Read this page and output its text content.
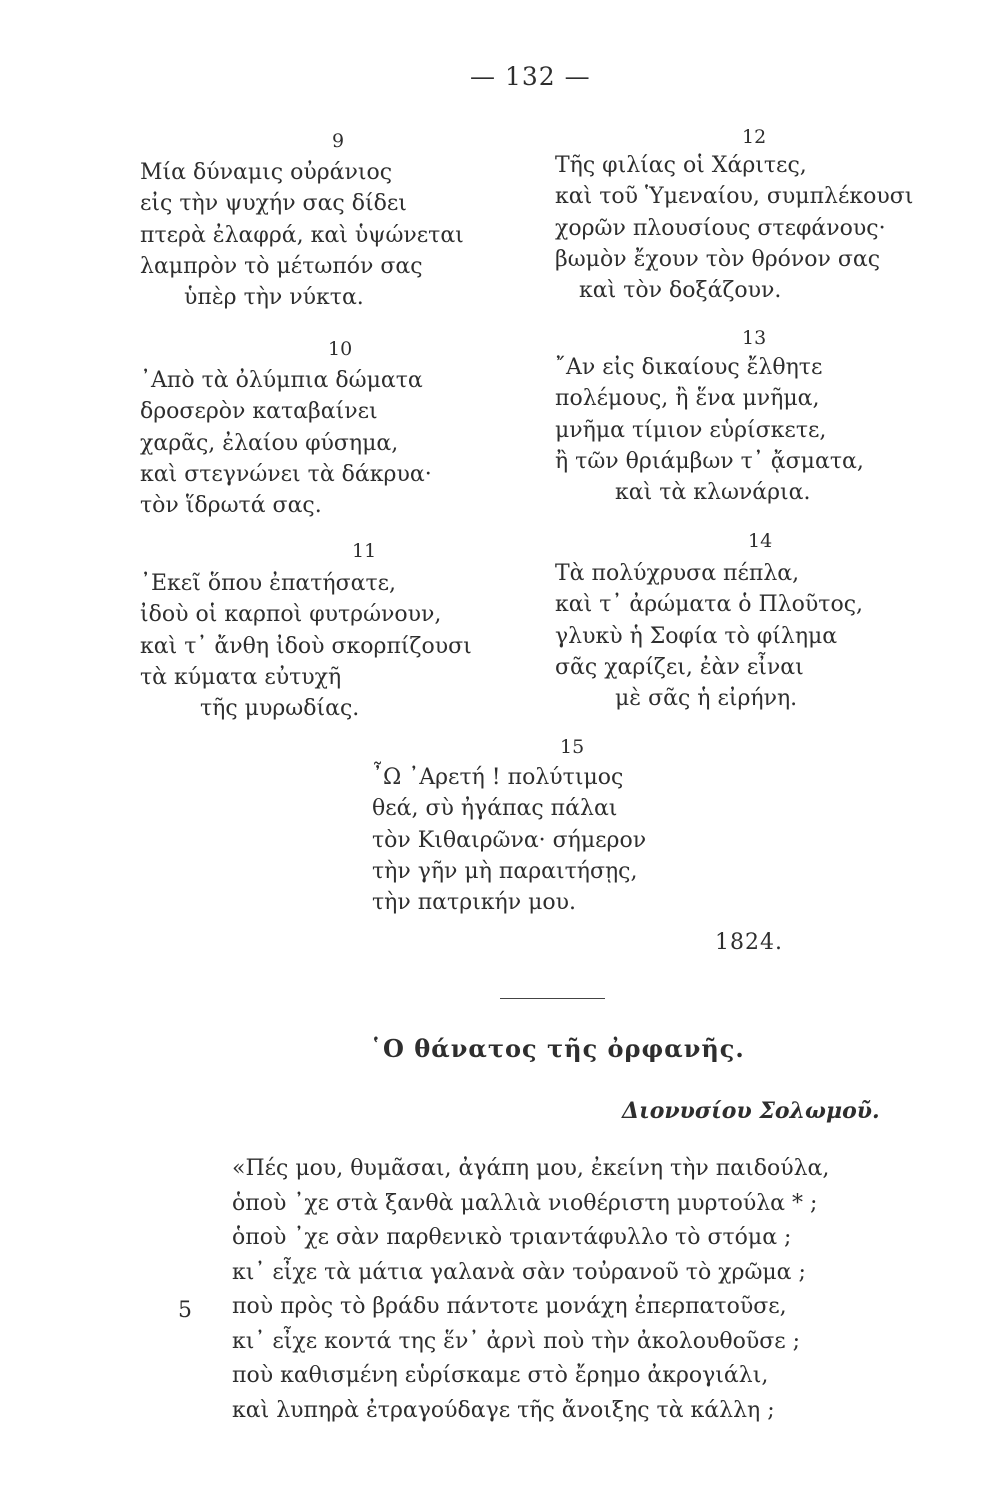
— 132 —
9
Μία δύναμις οὐράνιος
εἰς τὴν ψυχήν σας δίδει
πτερὰ ἐλαφρά, καὶ ὑψώνεται
λαμπρὸν τὸ μέτωπόν σας
ὑπὲρ τὴν νύκτα.
10
᾿Απὸ τὰ ὀλύμπια δώματα
δροσερὸν καταβαίνει
χαρᾶς, ἐλαίου φύσημα,
καὶ στεγνώνει τὰ δάκρυα·
τὸν ἵδρωτά σας.
11
᾿Εκεῖ ὅπου ἐπατήσατε,
ἰδοὺ οἱ καρποὶ φυτρώνουν,
καὶ τ᾿ ἄνθη ἰδοὺ σκορπίζουσι
τὰ κύματα εὐτυχῆ
τῆς μυρωδίας.
12
Τῆς φιλίας οἱ Χάριτες,
καὶ τοῦ Ὑμεναίου, συμπλέκουσι
χορῶν πλουσίους στεφάνους·
βωμὸν ἔχουν τὸν θρόνον σας
καὶ τὸν δοξάζουν.
13
῎Αν εἰς δικαίους ἔλθητε
πολέμους, ἢ ἕνα μνῆμα,
μνῆμα τίμιον εὑρίσκετε,
ἢ τῶν θριάμβων τ᾿ ᾄσματα,
καὶ τὰ κλωνάρια.
14
Τὰ πολύχρυσα πέπλα,
καὶ τ᾿ ἀρώματα ὁ Πλοῦτος,
γλυκὺ ἡ Σοφία τὸ φίλημα
σᾶς χαρίζει, ἐὰν εἶναι
μὲ σᾶς ἡ εἰρήνη.
15
῏Ω ᾿Αρετή ! πολύτιμος
θεά, σὺ ἠγάπας πάλαι
τὸν Κιθαιρῶνα· σήμερον
τὴν γῆν μὴ παραιτήσῃς,
τὴν πατρικήν μου.
1824.
῾Ο θάνατος τῆς ὀρφανῆς.
Διονυσίου Σολωμοῦ.
5
«Πές μου, θυμᾶσαι, ἀγάπη μου, ἐκείνη τὴν παιδούλα,
ὁποὺ ᾽χε στὰ ξανθὰ μαλλιὰ νιοθέριστη μυρτούλα * ;
ὁποὺ ᾽χε σὰν παρθενικὸ τριαντάφυλλο τὸ στόμα ;
κι᾿ εἶχε τὰ μάτια γαλανὰ σὰν τοὐρανοῦ τὸ χρῶμα ;
ποὺ πρὸς τὸ βράδυ πάντοτε μονάχη ἐπερπατοῦσε,
κι᾿ εἶχε κοντά της ἕν᾿ ἀρνὶ ποὺ τὴν ἀκολουθοῦσε ;
ποὺ καθισμένη εὑρίσκαμε στὸ ἔρημο ἀκρογιάλι,
καὶ λυπηρὰ ἐτραγούδαγε τῆς ἄνοιξης τὰ κάλλη ;
